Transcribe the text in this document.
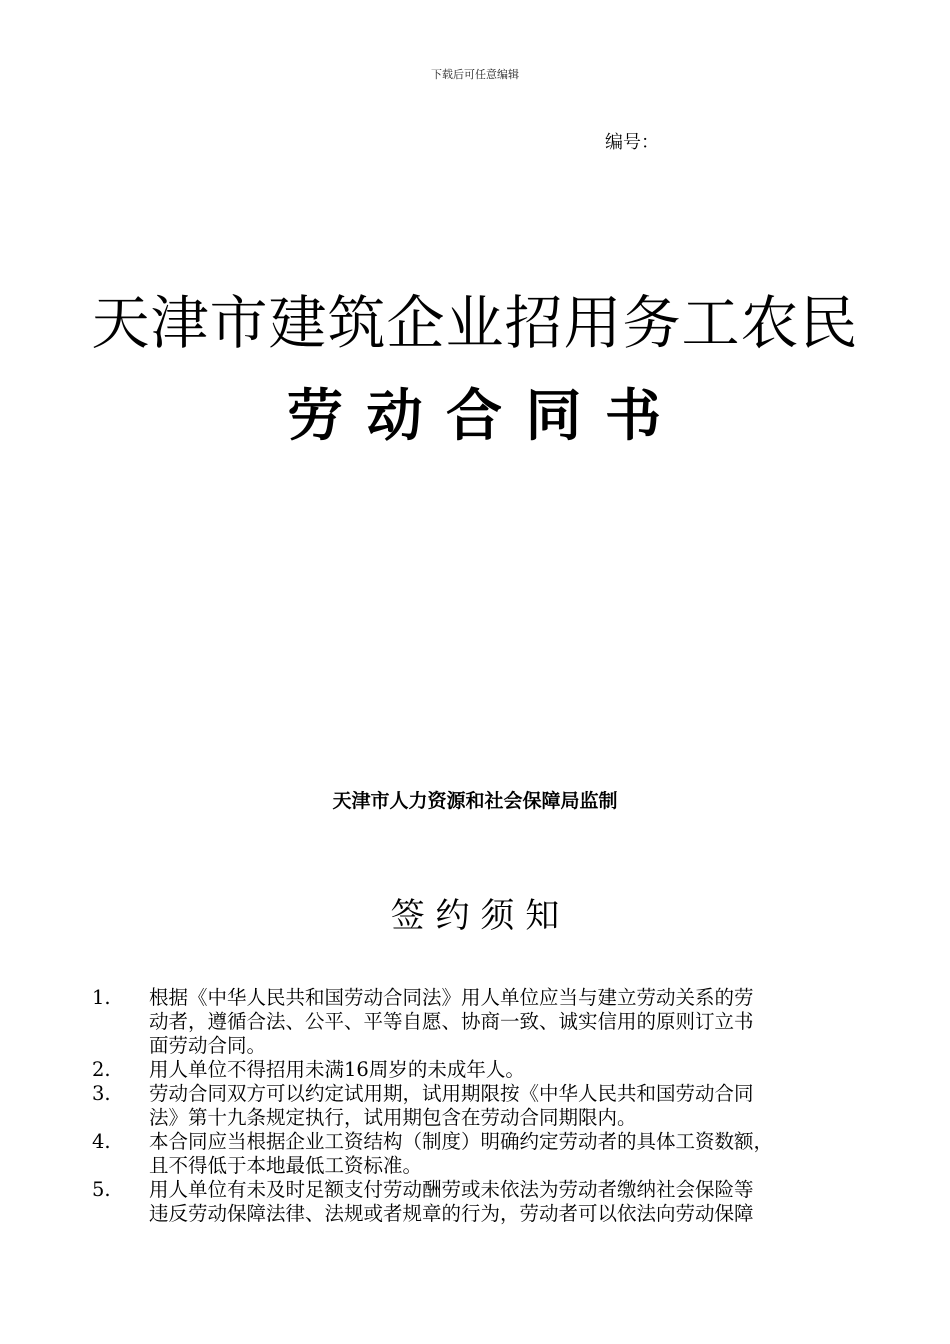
下载后可任意编辑
编号：
天津市建筑企业招用务工农民
劳 动 合 同 书
天津市人力资源和社会保障局监制
签 约 须 知
1.	根据《中华人民共和国劳动合同法》用人单位应当与建立劳动关系的劳
动者，遵循合法、公平、平等自愿、协商一致、诚实信用的原则订立书
面劳动合同。
2.	用人单位不得招用未满16周岁的未成年人。
3.	劳动合同双方可以约定试用期，试用期限按《中华人民共和国劳动合同
法》第十九条规定执行，试用期包含在劳动合同期限内。
4.	本合同应当根据企业工资结构（制度）明确约定劳动者的具体工资数额，
且不得低于本地最低工资标准。
5.	用人单位有未及时足额支付劳动酬劳或未依法为劳动者缴纳社会保险等
违反劳动保障法律、法规或者规章的行为，劳动者可以依法向劳动保障
